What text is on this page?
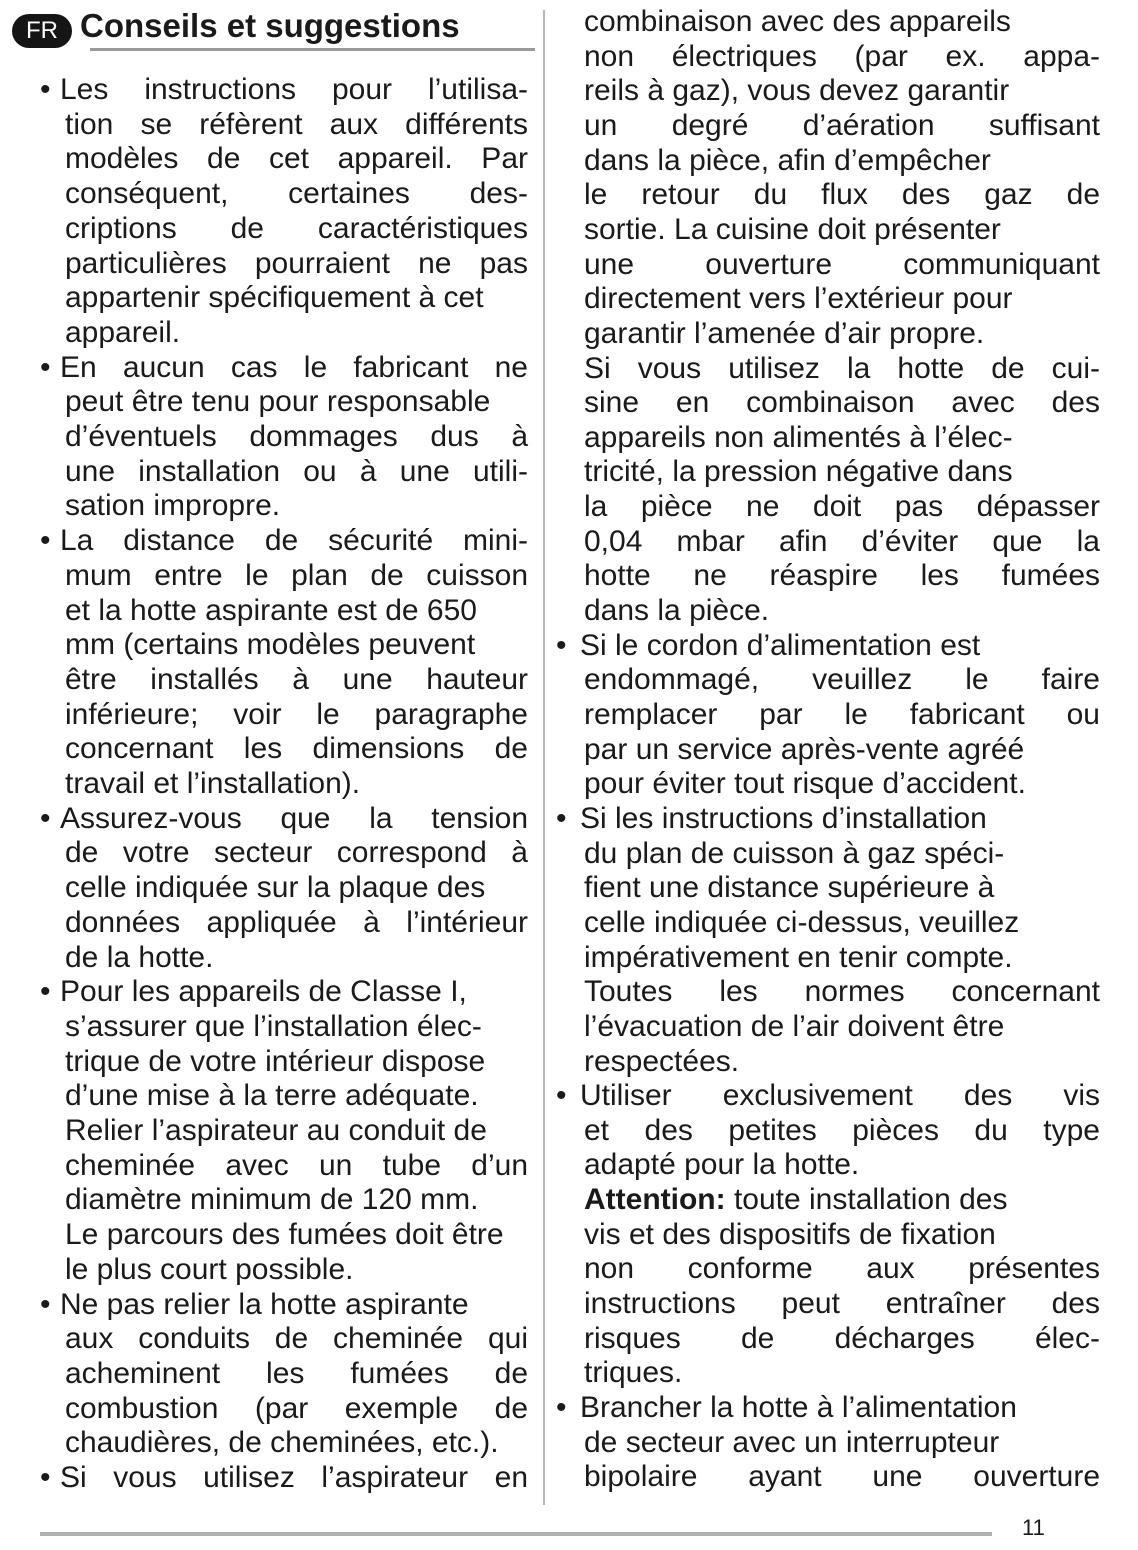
FR Conseils et suggestions
• Les instructions pour l’utilisa-
tion se réfèrent aux différents
modèles de cet appareil. Par
conséquent, certaines des-
criptions de caractéristiques
particulières pourraient ne pas
appartenir spécifiquement à cet
appareil.
• En aucun cas le fabricant ne
peut être tenu pour responsable
d’éventuels dommages dus à
une installation ou à une utili-
sation impropre.
• La distance de sécurité mini-
mum entre le plan de cuisson
et la hotte aspirante est de 650
mm (certains modèles peuvent
être installés à une hauteur
inférieure; voir le paragraphe
concernant les dimensions de
travail et l’installation).
• Assurez-vous que la tension
de votre secteur correspond à
celle indiquée sur la plaque des
données appliquée à l’intérieur
de la hotte.
• Pour les appareils de Classe I,
s’assurer que l’installation élec-
trique de votre intérieur dispose
d’une mise à la terre adéquate.
Relier l’aspirateur au conduit de
cheminée avec un tube d’un
diamètre minimum de 120 mm.
Le parcours des fumées doit être
le plus court possible.
• Ne pas relier la hotte aspirante
aux conduits de cheminée qui
acheminent les fumées de
combustion (par exemple de
chaudières, de cheminées, etc.).
• Si vous utilisez l’aspirateur en
combinaison avec des appareils
non électriques (par ex. appa-
reils à gaz), vous devez garantir
un degré d’aération suffisant
dans la pièce, afin d’empêcher
le retour du flux des gaz de
sortie. La cuisine doit présenter
une ouverture communiquant
directement vers l’extérieur pour
garantir l’amenée d’air propre.
Si vous utilisez la hotte de cui-
sine en combinaison avec des
appareils non alimentés à l’élec-
tricité, la pression négative dans
la pièce ne doit pas dépasser
0,04 mbar afin d’éviter que la
hotte ne réaspire les fumées
dans la pièce.
• Si le cordon d’alimentation est
endommagé, veuillez le faire
remplacer par le fabricant ou
par un service après-vente agréé
pour éviter tout risque d’accident.
• Si les instructions d’installation
du plan de cuisson à gaz spéci-
fient une distance supérieure à
celle indiquée ci-dessus, veuillez
impérativement en tenir compte.
Toutes les normes concernant
l’évacuation de l’air doivent être
respectées.
• Utiliser exclusivement des vis
et des petites pièces du type
adapté pour la hotte.
Attention: toute installation des
vis et des dispositifs de fixation
non conforme aux présentes
instructions peut entraîner des
risques de décharges élec-
triques.
• Brancher la hotte à l’alimentation
de secteur avec un interrupteur
bipolaire ayant une ouverture
11
